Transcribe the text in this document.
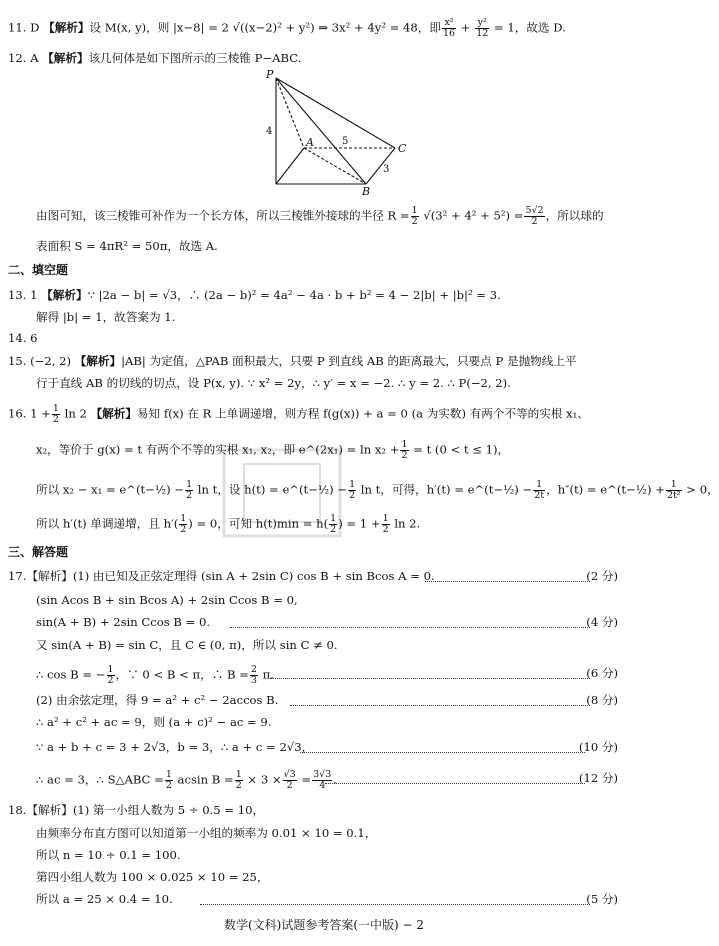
11. D 【解析】设 M(x, y)，则 |x−8| = 2 √((x−2)² + y²) ⇒ 3x² + 4y² = 48，即 $\frac{\text{x²}}{16} + \frac{\text{y²}}{12} = 1$，故选 D.
12. A 【解析】该几何体是如下图所示的三棱锥 P−ABC.
P
A
B
C
4
5
3
由图可知，该三棱锥可补作为一个长方体，所以三棱锥外接球的半径 $R = \frac{1}{2} √(3^2 + 4^2 + 5^2) = \frac{5√2}{2}$ ，所以球的
表面积 S = 4πR² = 50π，故选 A.
二、填空题
13. 1 【解析】∵ |2a − b| = √3，∴ (2a − b)² = 4a² − 4a · b + b² = 4 − 2|b| + |b|² = 3.
解得 |b| = 1，故答案为 1.
14. 6
15. (−2, 2) 【解析】|AB| 为定值，△PAB 面积最大，只要 P 到直线 AB 的距离最大，只要点 P 是抛物线上平
行于直线 AB 的切线的切点，设 P(x, y). ∵ x² = 2y，∴ y′ = x = −2. ∴ y = 2. ∴ P(−2, 2).
16. $1 + \frac{1}{2}$ ln 2 【解析】易知 f(x) 在 R 上单调递增，则方程 f(g(x)) + a = 0 (a 为实数) 有两个不等的实根 x₁、
x₂，等价于 g(x) = t 有两个不等的实根 x₁, x₂，即 e^(2x₁) = $\ln x_2 + \frac{1}{2} = t$ (0 < t ≤ 1)，
所以 x₂ − x₁ = e^(t−½) − $\frac{1}{2}$ ln t，设 h(t) = e^(t−½) − $\frac{1}{2}$ ln t，可得，h′(t) = e^(t−½) − $\frac{1}{2t}$ ，h″(t) = e^(t−½) + $\frac{1}{\text{2t²}} > 0$，
所以 h′(t) 单调递增，且 $h'( \frac{1}{2}$ ) = 0，可知 $h(t)\min = h( \frac{1}{2}$ ) = $1 + \frac{1}{2}$ ln 2.
三、解答题
17.【解析】(1) 由已知及正弦定理得 (sin A + 2sin C) cos B + sin Bcos A = 0.	(2 分)
(sin Acos B + sin Bcos A) + 2sin Ccos B = 0,
sin(A + B) + 2sin Ccos B = 0.	(4 分)
又 sin(A + B) = sin C，且 C ∈ (0, π)，所以 sin C ≠ 0.
∴ cos B = − $\frac{1}{2}$ ，∵ 0 < B < π，∴ $B = \frac{2}{3} \pi$.	(6 分)
(2) 由余弦定理，得 9 = a² + c² − 2accos B.	(8 分)
∴ a² + c² + ac = 9，则 (a + c)² − ac = 9.
∵ a + b + c = 3 + 2√3，b = 3，∴ a + c = 2√3，	(10 分)
∴ ac = 3，∴ S△ABC = $\frac{1}{2}$ acsin $B = \frac{1}{2} \times 3 \times \frac{√3}{2} = \frac{3√3}{4}$ .	(12 分)
18.【解析】(1) 第一小组人数为 5 ÷ 0.5 = 10，
由频率分布直方图可以知道第一小组的频率为 0.01 × 10 = 0.1，
所以 n = 10 ÷ 0.1 = 100.
第四小组人数为 100 × 0.025 × 10 = 25，
所以 a = 25 × 0.4 = 10.	(5 分)
数学(文科)试题参考答案(一中版) − 2
